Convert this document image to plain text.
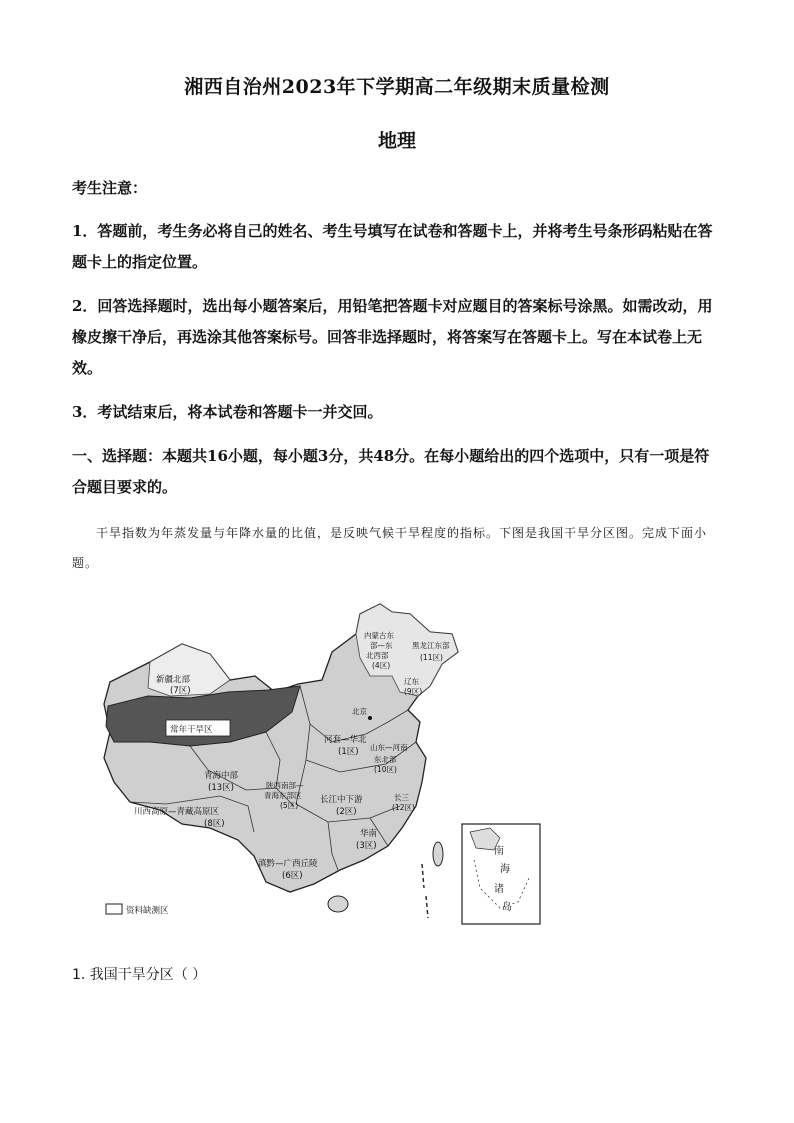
湘西自治州2023年下学期高二年级期末质量检测
地理
考生注意：
1．答题前，考生务必将自己的姓名、考生号填写在试卷和答题卡上，并将考生号条形码粘贴在答题卡上的指定位置。
2．回答选择题时，选出每小题答案后，用铅笔把答题卡对应题目的答案标号涂黑。如需改动，用橡皮擦干净后，再选涂其他答案标号。回答非选择题时，将答案写在答题卡上。写在本试卷上无效。
3．考试结束后，将本试卷和答题卡一并交回。
一、选择题：本题共16小题，每小题3分，共48分。在每小题给出的四个选项中，只有一项是符合题目要求的。
干旱指数为年蒸发量与年降水量的比值，是反映气候干旱程度的指标。下图是我国干旱分区图。完成下面小题。
常年干旱区
新疆北部
(7区)
内蒙古东
部—东
北西部
(4区)
黑龙江东部
(11区)
辽东
(9区)
北京
河套—华北
(1区) 山东—河南
东北部
(10区)
青海中部
(13区)	陕西南部—
青海东部区
(5区)
川西高原—青藏高原区
(8区)
长江中下游
(2区)
长三
(12区)
华南
(3区)
滇黔—广西丘陵
(6区)
南
海
诸
岛
资料缺测区
1. 我国干旱分区（ ）
